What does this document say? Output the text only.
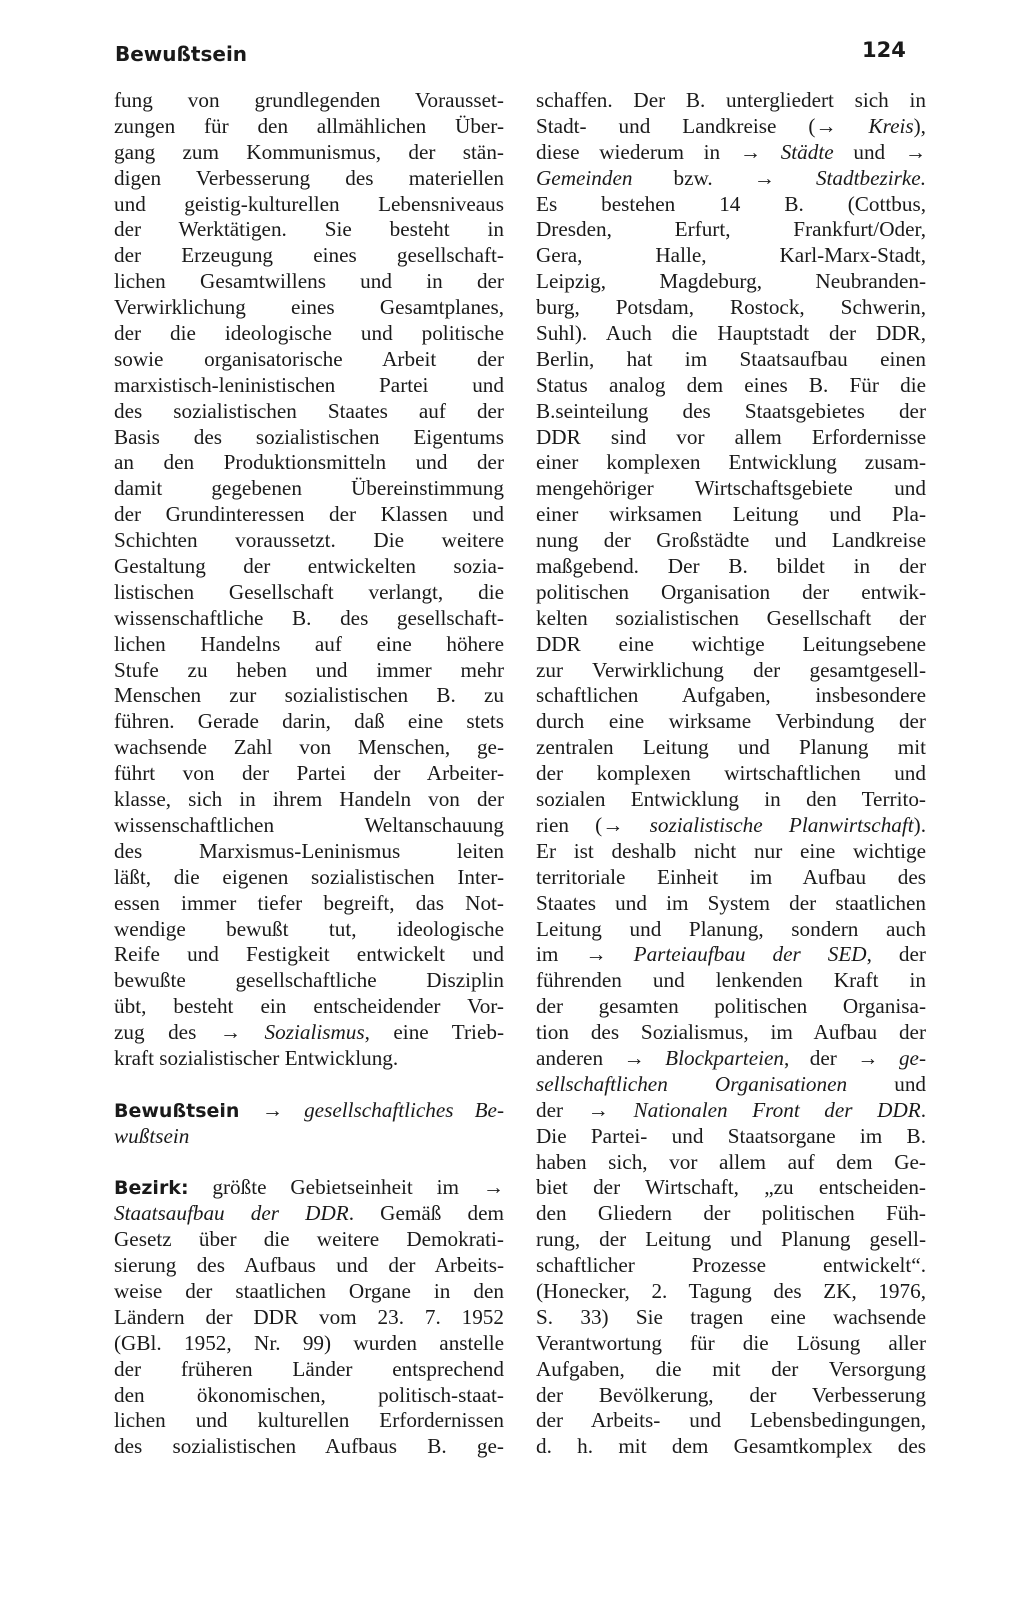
Bewußtsein	124
fung von grundlegenden Vorausset-
zungen für den allmählichen Über-
gang zum Kommunismus, der stän-
digen Verbesserung des materiellen
und geistig-kulturellen Lebensniveaus
der Werktätigen. Sie besteht in
der Erzeugung eines gesellschaft-
lichen Gesamtwillens und in der
Verwirklichung eines Gesamtplanes,
der die ideologische und politische
sowie organisatorische Arbeit der
marxistisch-leninistischen Partei und
des sozialistischen Staates auf der
Basis des sozialistischen Eigentums
an den Produktionsmitteln und der
damit gegebenen Übereinstimmung
der Grundinteressen der Klassen und
Schichten voraussetzt. Die weitere
Gestaltung der entwickelten sozia-
listischen Gesellschaft verlangt, die
wissenschaftliche B. des gesellschaft-
lichen Handelns auf eine höhere
Stufe zu heben und immer mehr
Menschen zur sozialistischen B. zu
führen. Gerade darin, daß eine stets
wachsende Zahl von Menschen, ge-
führt von der Partei der Arbeiter-
klasse, sich in ihrem Handeln von der
wissenschaftlichen Weltanschauung
des Marxismus-Leninismus leiten
läßt, die eigenen sozialistischen Inter-
essen immer tiefer begreift, das Not-
wendige bewußt tut, ideologische
Reife und Festigkeit entwickelt und
bewußte gesellschaftliche Disziplin
übt, besteht ein entscheidender Vor-
zug des → Sozialismus, eine Trieb-
kraft sozialistischer Entwicklung.
Bewußtsein → gesellschaftliches Be-
wußtsein
Bezirk: größte Gebietseinheit im →
Staatsaufbau der DDR. Gemäß dem
Gesetz über die weitere Demokrati-
sierung des Aufbaus und der Arbeits-
weise der staatlichen Organe in den
Ländern der DDR vom 23. 7. 1952
(GBl. 1952, Nr. 99) wurden anstelle
der früheren Länder entsprechend
den ökonomischen, politisch-staat-
lichen und kulturellen Erfordernissen
des sozialistischen Aufbaus B. ge-
schaffen. Der B. untergliedert sich in
Stadt- und Landkreise (→ Kreis),
diese wiederum in → Städte und →
Gemeinden bzw. → Stadtbezirke.
Es bestehen 14 B. (Cottbus,
Dresden, Erfurt, Frankfurt/Oder,
Gera, Halle, Karl-Marx-Stadt,
Leipzig, Magdeburg, Neubranden-
burg, Potsdam, Rostock, Schwerin,
Suhl). Auch die Hauptstadt der DDR,
Berlin, hat im Staatsaufbau einen
Status analog dem eines B. Für die
B.seinteilung des Staatsgebietes der
DDR sind vor allem Erfordernisse
einer komplexen Entwicklung zusam-
mengehöriger Wirtschaftsgebiete und
einer wirksamen Leitung und Pla-
nung der Großstädte und Landkreise
maßgebend. Der B. bildet in der
politischen Organisation der entwik-
kelten sozialistischen Gesellschaft der
DDR eine wichtige Leitungsebene
zur Verwirklichung der gesamtgesell-
schaftlichen Aufgaben, insbesondere
durch eine wirksame Verbindung der
zentralen Leitung und Planung mit
der komplexen wirtschaftlichen und
sozialen Entwicklung in den Territo-
rien (→ sozialistische Planwirtschaft).
Er ist deshalb nicht nur eine wichtige
territoriale Einheit im Aufbau des
Staates und im System der staatlichen
Leitung und Planung, sondern auch
im → Parteiaufbau der SED, der
führenden und lenkenden Kraft in
der gesamten politischen Organisa-
tion des Sozialismus, im Aufbau der
anderen → Blockparteien, der → ge-
sellschaftlichen Organisationen und
der → Nationalen Front der DDR.
Die Partei- und Staatsorgane im B.
haben sich, vor allem auf dem Ge-
biet der Wirtschaft, „zu entscheiden-
den Gliedern der politischen Füh-
rung, der Leitung und Planung gesell-
schaftlicher Prozesse entwickelt“.
(Honecker, 2. Tagung des ZK, 1976,
S. 33) Sie tragen eine wachsende
Verantwortung für die Lösung aller
Aufgaben, die mit der Versorgung
der Bevölkerung, der Verbesserung
der Arbeits- und Lebensbedingungen,
d. h. mit dem Gesamtkomplex des
